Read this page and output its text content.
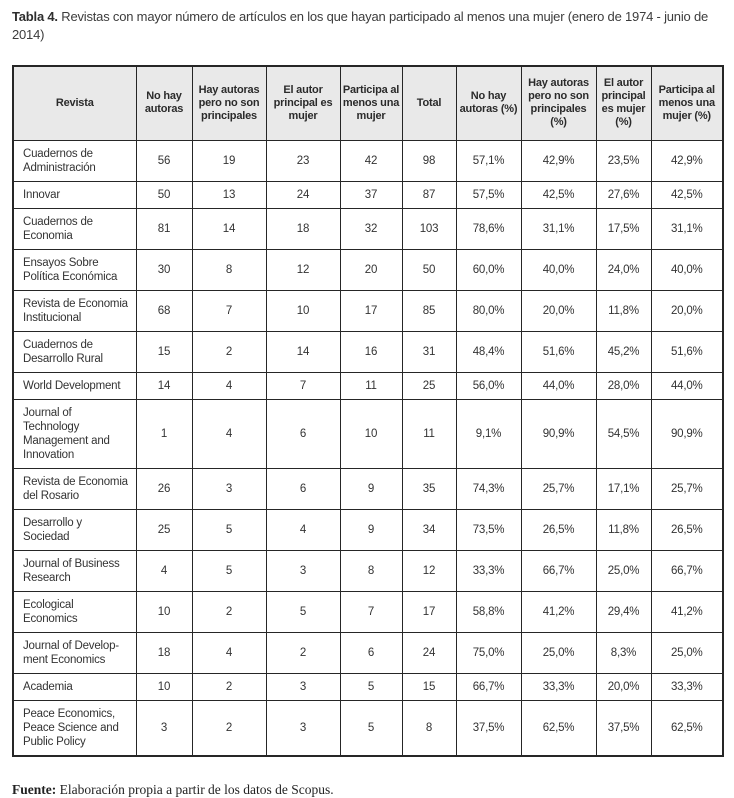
Tabla 4. Revistas con mayor número de artículos en los que hayan participado al menos una mujer (enero de 1974 - junio de 2014)

Revista	No hay autoras	Hay autoras pero no son principales	El autor principal es mujer	Participa al menos una mujer	Total	No hay autoras (%)	Hay autoras pero no son principales (%)	El autor principal es mujer (%)	Participa al menos una mujer (%)
Cuadernos de Administración	56	19	23	42	98	57,1%	42,9%	23,5%	42,9%
Innovar	50	13	24	37	87	57,5%	42,5%	27,6%	42,5%
Cuadernos de Economia	81	14	18	32	103	78,6%	31,1%	17,5%	31,1%
Ensayos Sobre Política Económica	30	8	12	20	50	60,0%	40,0%	24,0%	40,0%
Revista de Economia Institucional	68	7	10	17	85	80,0%	20,0%	11,8%	20,0%
Cuadernos de Desarrollo Rural	15	2	14	16	31	48,4%	51,6%	45,2%	51,6%
World Development	14	4	7	11	25	56,0%	44,0%	28,0%	44,0%
Journal of Technology Management and Innovation	1	4	6	10	11	9,1%	90,9%	54,5%	90,9%
Revista de Economia del Rosario	26	3	6	9	35	74,3%	25,7%	17,1%	25,7%
Desarrollo y Sociedad	25	5	4	9	34	73,5%	26,5%	11,8%	26,5%
Journal of Business Research	4	5	3	8	12	33,3%	66,7%	25,0%	66,7%
Ecological Economics	10	2	5	7	17	58,8%	41,2%	29,4%	41,2%
Journal of Development Economics	18	4	2	6	24	75,0%	25,0%	8,3%	25,0%
Academia	10	2	3	5	15	66,7%	33,3%	20,0%	33,3%
Peace Economics, Peace Science and Public Policy	3	2	3	5	8	37,5%	62,5%	37,5%	62,5%

Fuente: Elaboración propia a partir de los datos de Scopus.
